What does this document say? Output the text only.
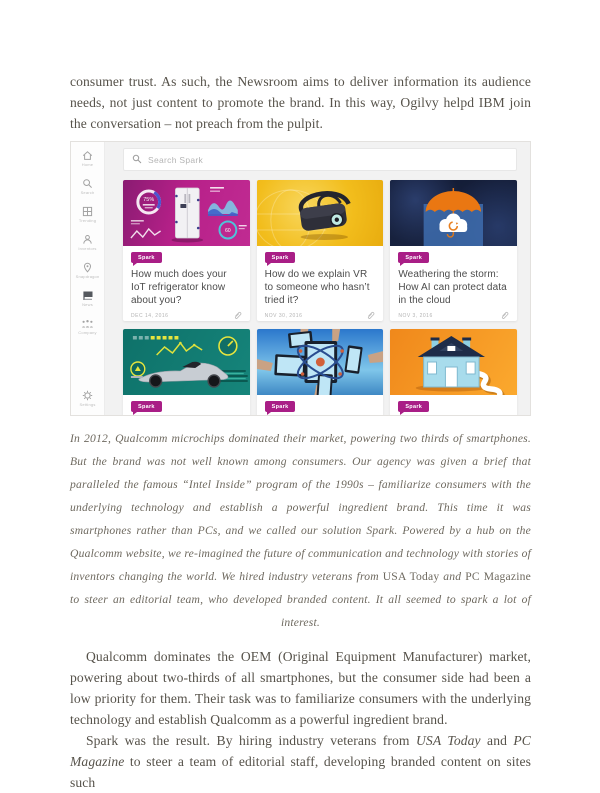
consumer trust. As such, the Newsroom aims to deliver information its audience needs, not just content to promote the brand. In this way, Ogilvy helpd IBM join the conversation – not preach from the pulpit.

Home
Search
Trending
Inventors
Snapdragon
News
Company
Settings
Search Spark
75%
60
Spark
How much does your IoT refrigerator know about you?
DEC 14, 2016
Spark
How do we explain VR to someone who hasn’t tried it?
NOV 30, 2016
Spark
Weathering the storm: How AI can protect data in the cloud
NOV 3, 2016
Spark	Spark	Spark

In 2012, Qualcomm microchips dominated their market, powering two thirds of smartphones. But the brand was not well known among consumers. Our agency was given a brief that paralleled the famous “Intel Inside” program of the 1990s – familiarize consumers with the underlying technology and establish a powerful ingredient brand. This time it was smartphones rather than PCs, and we called our solution Spark. Powered by a hub on the Qualcomm website, we re-imagined the future of communication and technology with stories of inventors changing the world. We hired industry veterans from USA Today and PC Magazine to steer an editorial team, who developed branded content. It all seemed to spark a lot of interest.

Qualcomm dominates the OEM (Original Equipment Manufacturer) market, powering about two-thirds of all smartphones, but the consumer side had been a low priority for them. Their task was to familiarize consumers with the underlying technology and establish Qualcomm as a powerful ingredient brand.

Spark was the result. By hiring industry veterans from USA Today and PC Magazine to steer a team of editorial staff, developing branded content on sites such
